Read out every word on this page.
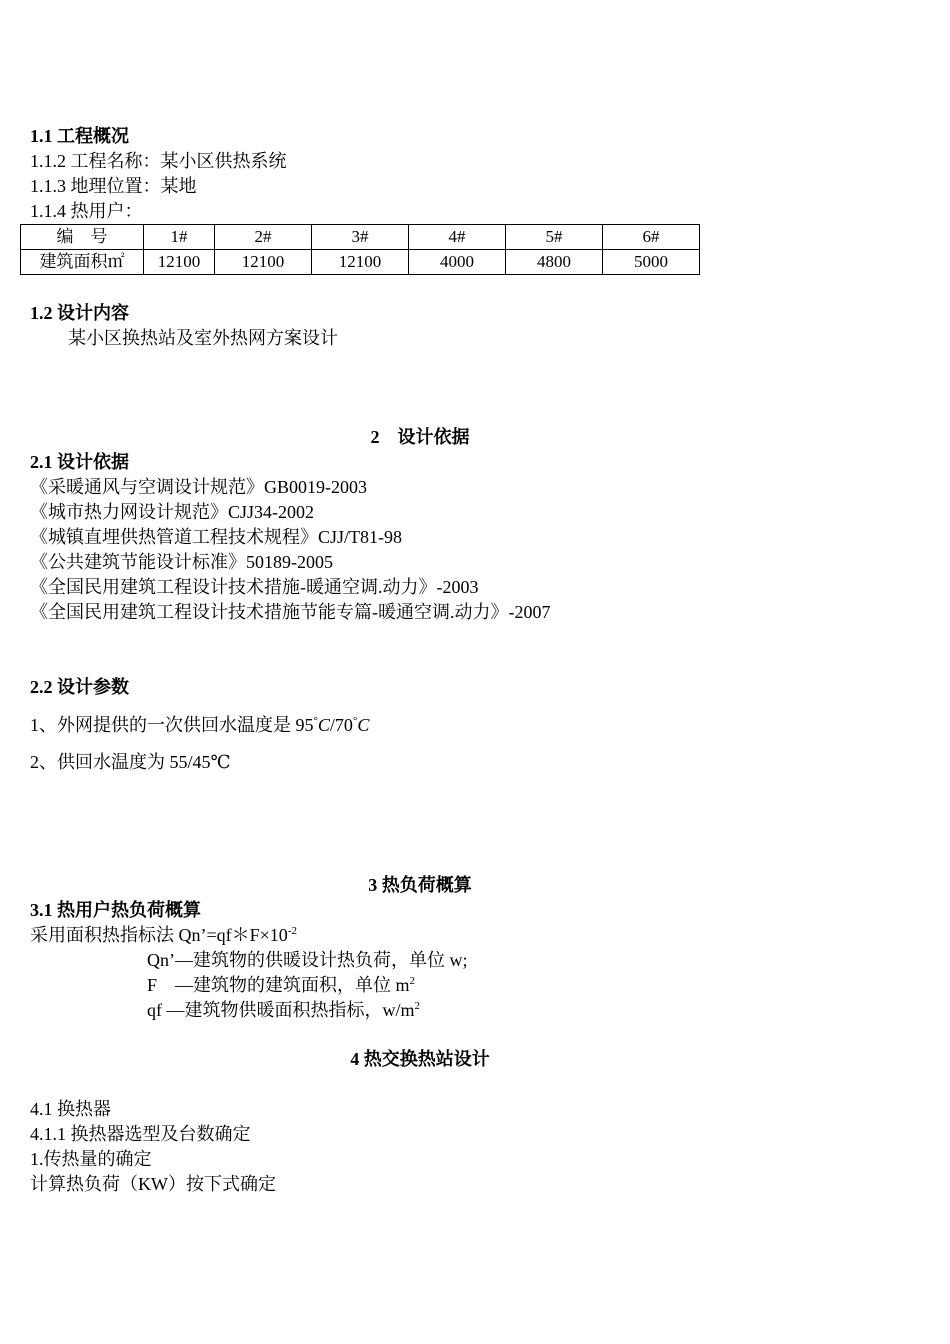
1.1 工程概况
1.1.2 工程名称：某小区供热系统
1.1.3 地理位置：某地
1.1.4 热用户：
编　号	1#	2#	3#	4#	5#	6#
建筑面积㎡	12100	12100	12100	4000	4800	5000
1.2 设计内容
某小区换热站及室外热网方案设计
2　设计依据
2.1 设计依据
《采暖通风与空调设计规范》GB0019-2003
《城市热力网设计规范》CJJ34-2002
《城镇直埋供热管道工程技术规程》CJJ/T81-98
《公共建筑节能设计标准》50189-2005
《全国民用建筑工程设计技术措施-暖通空调.动力》-2003
《全国民用建筑工程设计技术措施节能专篇-暖通空调.动力》-2007
2.2 设计参数
1、外网提供的一次供回水温度是 95°C/70°C
2、供回水温度为 55/45℃
3 热负荷概算
3.1 热用户热负荷概算
采用面积热指标法 $Qn’=qf*F\times 10^{-2}$
Qn’—建筑物的供暖设计热负荷，单位 w;
F　—建筑物的建筑面积，单位 $m^2$
qf —建筑物供暖面积热指标，$w/m^2$
4 热交换热站设计
4.1 换热器
4.1.1 换热器选型及台数确定
1.传热量的确定
计算热负荷（KW）按下式确定
